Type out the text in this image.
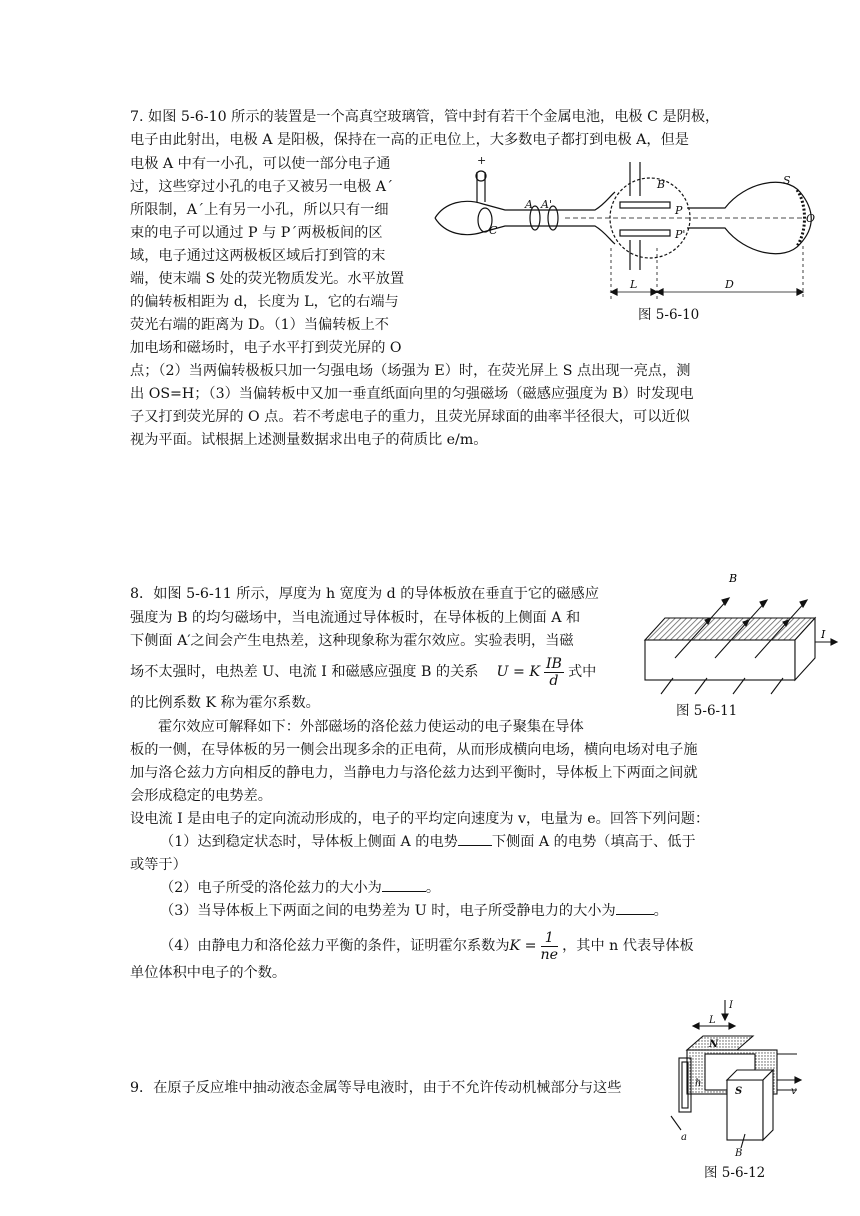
7. 如图 5-6-10 所示的装置是一个高真空玻璃管，管中封有若干个金属电池，电极 C 是阴极，
电子由此射出，电极 A 是阳极，保持在一高的正电位上，大多数电子都打到电极 A，但是
电极 A 中有一小孔，可以使一部分电子通
过，这些穿过小孔的电子又被另一电极 A´
所限制，A´上有另一小孔，所以只有一细
束的电子可以通过 P 与 P´两极板间的区
域，电子通过这两极板区域后打到管的末
端，使末端 S 处的荧光物质发光。水平放置
的偏转板相距为 d，长度为 L，它的右端与
荧光右端的距离为 D。（1）当偏转板上不
加电场和磁场时，电子水平打到荧光屏的 O
点；（2）当两偏转极板只加一匀强电场（场强为 E）时，在荧光屏上 S 点出现一亮点，测
出 OS=H；（3）当偏转板中又加一垂直纸面向里的匀强磁场（磁感应强度为 B）时发现电
子又打到荧光屏的 O 点。若不考虑电子的重力，且荧光屏球面的曲率半径很大，可以近似
视为平面。试根据上述测量数据求出电子的荷质比 e/m。
+
C
A A'
B
P
P'
S
O
L	D
图 5-6-10
8．如图 5-6-11 所示，厚度为 h 宽度为 d 的导体板放在垂直于它的磁感应
强度为 B 的均匀磁场中，当电流通过导体板时，在导体板的上侧面 A 和
下侧面 A′之间会产生电热差，这种现象称为霍尔效应。实验表明，当磁
场不太强时，电热差 U、电流 I 和磁感应强度 B 的关系 U = K $\frac{IB}{d}$ 式中
的比例系数 K 称为霍尔系数。
霍尔效应可解释如下：外部磁场的洛伦兹力使运动的电子聚集在导体
板的一侧，在导体板的另一侧会出现多余的正电荷，从而形成横向电场，横向电场对电子施
加与洛仑兹力方向相反的静电力，当静电力与洛伦兹力达到平衡时，导体板上下两面之间就
会形成稳定的电势差。
设电流 I 是由电子的定向流动形成的，电子的平均定向速度为 v，电量为 e。回答下列问题：
（1）达到稳定状态时，导体板上侧面 A 的电势 下侧面 A 的电势（填高于、低于
或等于）
（2）电子所受的洛伦兹力的大小为	。
（3）当导体板上下两面之间的电势差为 U 时，电子所受静电力的大小为	。
（4）由静电力和洛伦兹力平衡的条件，证明霍尔系数为 $K = \frac{1}{ne}$ ，其中 n 代表导体板
单位体积中电子的个数。
B
I
图 5-6-11
9．在原子反应堆中抽动液态金属等导电液时，由于不允许传动机械部分与这些
I
L
N
S
h
a
B
v
图 5-6-12
